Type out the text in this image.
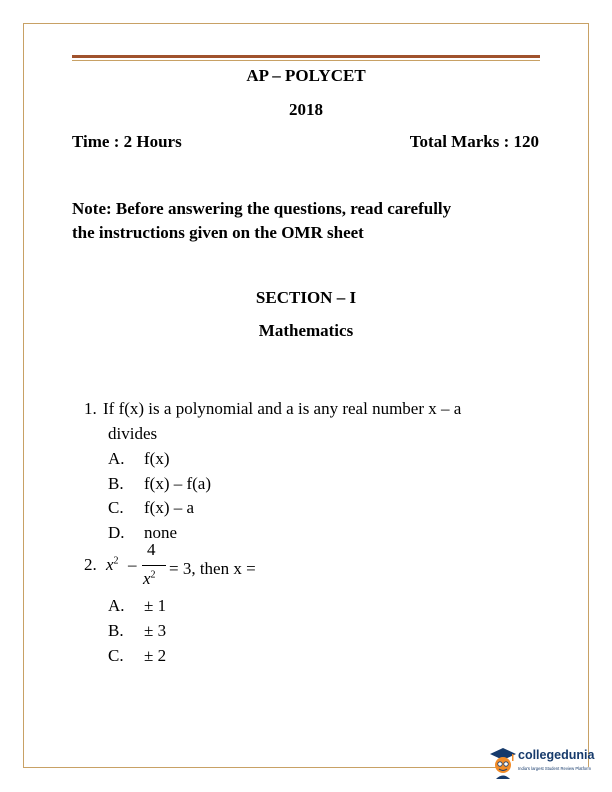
AP – POLYCET
2018
Time : 2 Hours	Total Marks : 120
Note: Before answering the questions, read carefully
the instructions given on the OMR sheet
SECTION – I
Mathematics
1. If f(x) is a polynomial and a is any real number x – a
divides
A. f(x)
B. f(x) – f(a)
C. f(x) – a
D. none
2. $x^2$ –
4
$x^2 = 3$, then x =
A. ± 1
B. ± 3
C. ± 2
collegedunia
India's largest Student Review Platform
